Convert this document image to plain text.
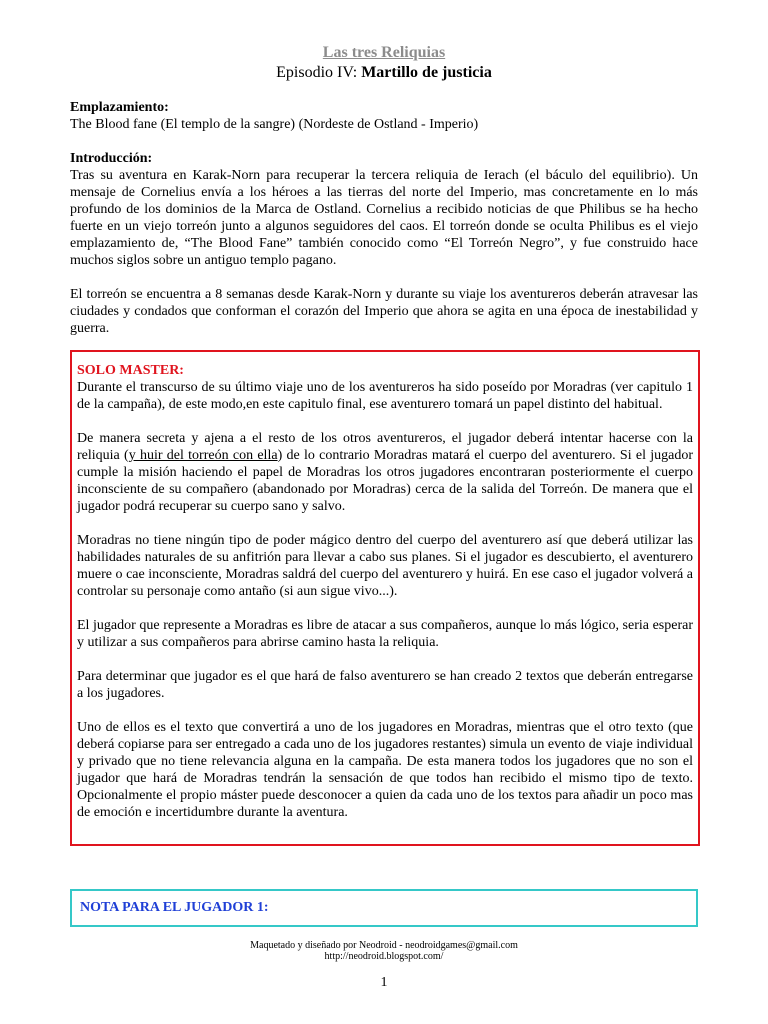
Las tres Reliquias
Episodio IV: Martillo de justicia
Emplazamiento:

The Blood fane (El templo de la sangre) (Nordeste de Ostland - Imperio)

Introducción:

Tras su aventura en Karak-Norn para recuperar la tercera reliquia de Ierach (el báculo del equilibrio). Un mensaje de Cornelius envía a los héroes a las tierras del norte del Imperio, mas concretamente en lo más profundo de los dominios de la Marca de Ostland. Cornelius a recibido noticias de que Philibus se ha hecho fuerte en un viejo torreón junto a algunos seguidores del caos. El torreón donde se oculta Philibus es el viejo emplazamiento de, “The Blood Fane” también conocido como “El Torreón Negro”, y fue construido hace muchos siglos sobre un antiguo templo pagano.

El torreón se encuentra a 8 semanas desde Karak-Norn y durante su viaje los aventureros deberán atravesar las ciudades y condados que conforman el corazón del Imperio que ahora se agita en una época de inestabilidad y guerra.

SOLO MASTER:

Durante el transcurso de su último viaje uno de los aventureros ha sido poseído por Moradras (ver capitulo 1 de la campaña), de este modo,en este capitulo final, ese aventurero tomará un papel distinto del habitual.

De manera secreta y ajena a el resto de los otros aventureros, el jugador deberá intentar hacerse con la reliquia (y huir del torreón con ella) de lo contrario Moradras matará el cuerpo del aventurero. Si el jugador cumple la misión haciendo el papel de Moradras los otros jugadores encontraran posteriormente el cuerpo inconsciente de su compañero (abandonado por Moradras) cerca de la salida del Torreón. De manera que el jugador podrá recuperar su cuerpo sano y salvo.

Moradras no tiene ningún tipo de poder mágico dentro del cuerpo del aventurero así que deberá utilizar las habilidades naturales de su anfitrión para llevar a cabo sus planes. Si el jugador es descubierto, el aventurero muere o cae inconsciente, Moradras saldrá del cuerpo del aventurero y huirá. En ese caso el jugador volverá a controlar su personaje como antaño (si aun sigue vivo...).

El jugador que represente a Moradras es libre de atacar a sus compañeros, aunque lo más lógico, seria esperar y utilizar a sus compañeros para abrirse camino hasta la reliquia.

Para determinar que jugador es el que hará de falso aventurero se han creado 2 textos que deberán entregarse a los jugadores.

Uno de ellos es el texto que convertirá a uno de los jugadores en Moradras, mientras que el otro texto (que deberá copiarse para ser entregado a cada uno de los jugadores restantes) simula un evento de viaje individual y privado que no tiene relevancia alguna en la campaña. De esta manera todos los jugadores que no son el jugador que hará de Moradras tendrán la sensación de que todos han recibido el mismo tipo de texto. Opcionalmente el propio máster puede desconocer a quien da cada uno de los textos para añadir un poco mas de emoción e incertidumbre durante la aventura.

NOTA PARA EL JUGADOR 1:
Maquetado y diseñado por Neodroid - neodroidgames@gmail.com
http://neodroid.blogspot.com/
1
